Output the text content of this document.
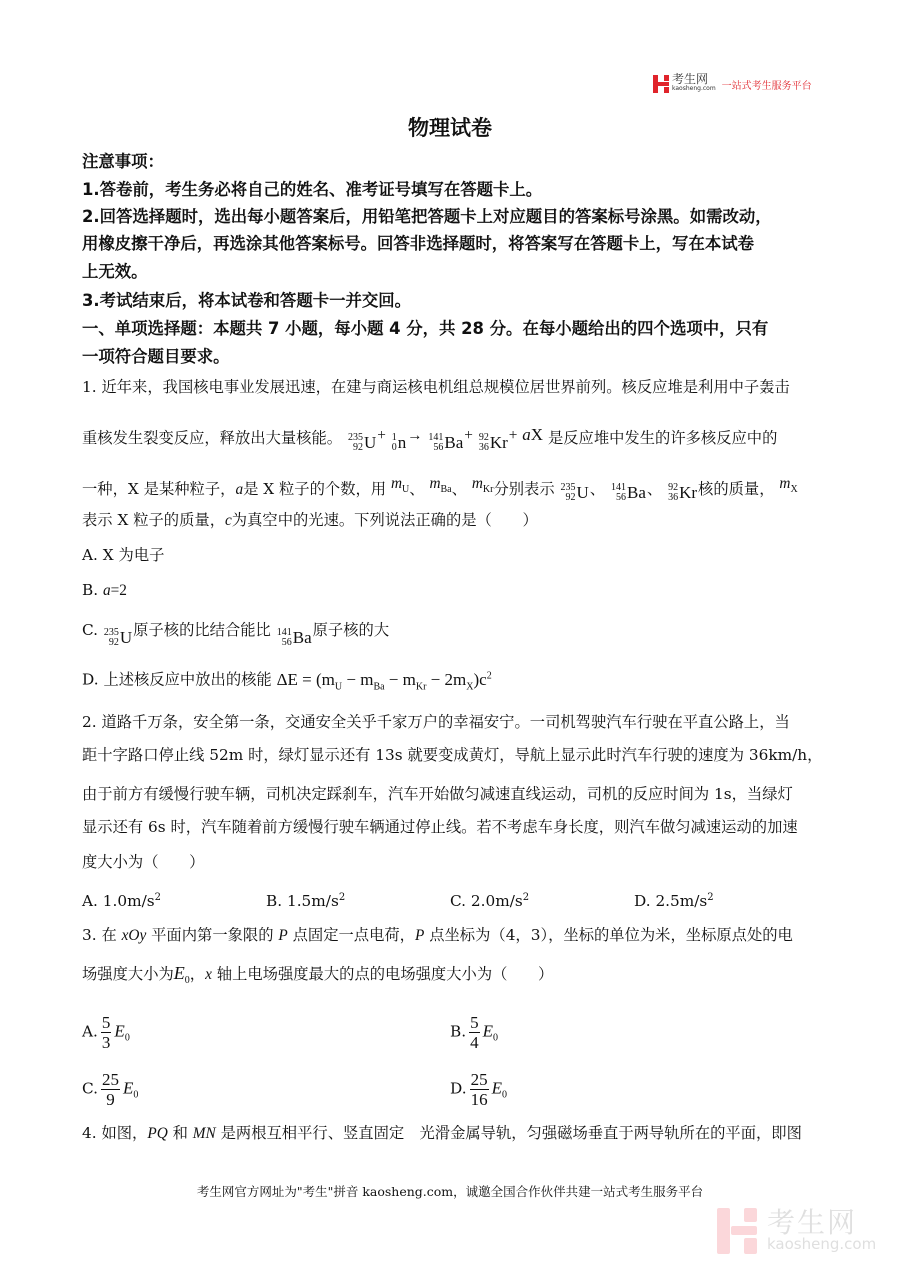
考生网
kaosheng.com 一站式考生服务平台
物理试卷
注意事项：
1.答卷前，考生务必将自己的姓名、准考证号填写在答题卡上。
2.回答选择题时，选出每小题答案后，用铅笔把答题卡上对应题目的答案标号涂黑。如需改动，
用橡皮擦干净后，再选涂其他答案标号。回答非选择题时，将答案写在答题卡上，写在本试卷
上无效。
3.考试结束后，将本试卷和答题卡一并交回。
一、单项选择题：本题共 7 小题，每小题 4 分，共 28 分。在每小题给出的四个选项中，只有
一项符合题目要求。
1. 近年来，我国核电事业发展迅速，在建与商运核电机组总规模位居世界前列。核反应堆是利用中子轰击
重核发生裂变反应，释放出大量核能。 235
92 U + 1
0 n → 141
56 Ba + 92
36 Kr + aX 是反应堆中发生的许多核反应中的
一种，X 是某种粒子，a是 X 粒子的个数，用 $m_U$、 $m_{Ba}$、 $m_{Kr}$分别表示 235
92 U 、 141
56 Ba 、 92
36 Kr 核的质量， $m_X$
表示 X 粒子的质量，c为真空中的光速。下列说法正确的是（　　）
A. X 为电子
B. a=2
C. 235
92 U 原子核的比结合能比 141
56 Ba 原子核的大
D. 上述核反应中放出的核能 $\Delta E = (m_U - m_{Ba} - m_{Kr} - 2m_X)c^2$
2. 道路千万条，安全第一条，交通安全关乎千家万户的幸福安宁。一司机驾驶汽车行驶在平直公路上，当
距十字路口停止线 52m 时，绿灯显示还有 13s 就要变成黄灯，导航上显示此时汽车行驶的速度为 36km/h，
由于前方有缓慢行驶车辆，司机决定踩刹车，汽车开始做匀减速直线运动，司机的反应时间为 1s，当绿灯
显示还有 6s 时，汽车随着前方缓慢行驶车辆通过停止线。若不考虑车身长度，则汽车做匀减速运动的加速
度大小为（　　）
A. $1.0m/s^2$	B. $1.5m/s^2$	C. $2.0m/s^2$	D. $2.5m/s^2$
3. 在 xOy 平面内第一象限的 P 点固定一点电荷，P 点坐标为（4，3），坐标的单位为米，坐标原点处的电
场强度大小为$E_0$，x 轴上电场强度最大的点的电场强度大小为（　　）
A. $\frac{5}{3} E_0$	B. $\frac{5}{4} E_0$
C. $\frac{25}{9} E_0$	D. $\frac{25}{16} E_0$
4. 如图，PQ 和 MN 是两根互相平行、竖直固定　光滑金属导轨，匀强磁场垂直于两导轨所在的平面，即图
考生网官方网址为"考生"拼音 kaosheng.com，诚邀全国合作伙伴共建一站式考生服务平台
考生网
kaosheng.com
